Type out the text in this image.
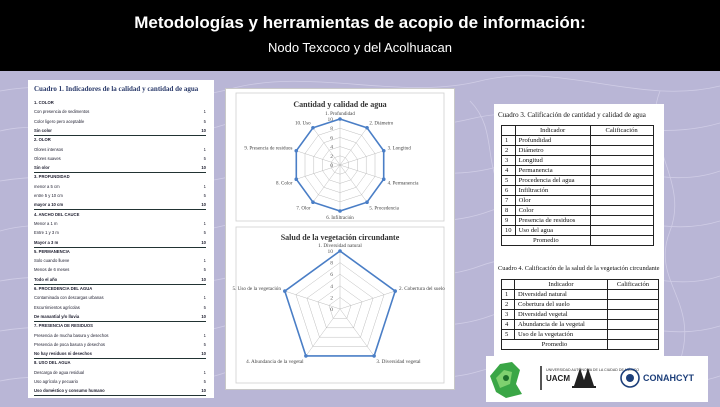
Metodologías y herramientas de acopio de información:
Nodo Texcoco y del Acolhuacan
Cuadro 1. Indicadores de la calidad y cantidad de agua
1. COLOR
Con presencia de sedimentos	1
Color ligero pero aceptable	5
Sin color	10
2. OLOR
Olores intensos	1
Olores suaves	5
Sin olor	10
3. PROFUNDIDAD
menor a 5 cm	1
entre 5 y 10 cm	5
mayor a 10 cm	10
4. ANCHO DEL CAUCE
Menor a 1 m	1
Entre 1 y 3 m	5
Mayor a 3 m	10
5. PERMANENCIA
Solo cuando llueve	1
Menos de 6 meses	5
Todo el año	10
6. PROCEDENCIA DEL AGUA
Contaminada con descargas urbanas	1
Escurrimientos agrícolas	5
De manantial y/o lluvia	10
7. PRESENCIA DE RESIDUOS
Presencia de mucha basura y desechos	1
Presencia de poca basura y desechos	5
No hay residuos ni desechos	10
8. USO DEL AGUA
Descarga de agua residual	1
Uso agrícola y pecuario	5
Uso doméstico y consumo humano	10
Cantidad y calidad de agua
Salud de la vegetación circundante
0
2
4
6
8
10
1. Profundidad
2. Diámetro
3. Longitud
4. Permanencia
5. Procedencia
6. Infiltración
7. Olor
8. Color
9. Presencia de residuos
10. Uso
0
2
4
6
8
10
1. Diversidad natural
2. Cobertura del suelo
3. Diversidad vegetal
4. Abundancia de la vegetal
5. Uso de la vegetación
Cuadro 3. Calificación de cantidad y calidad de agua
	Indicador	Calificación
1	Profundidad	
2	Diámetro	
3	Longitud	
4	Permanencia	
5	Procedencia del agua	
6	Infiltración	
7	Olor	
8	Color	
9	Presencia de residuos	
10	Uso del agua	
Promedio		
Cuadro 4. Calificación de la salud de la vegetación circundante
	Indicador	Calificación
1	Diversidad natural	
2	Cobertura del suelo	
3	Diversidad vegetal	
4	Abundancia de la vegetal	
5	Uso de la vegetación	
Promedio		
UNIVERSIDAD AUTÓNOMA DE LA CIUDAD DE MÉXICO
UACM	CONAHCYT
